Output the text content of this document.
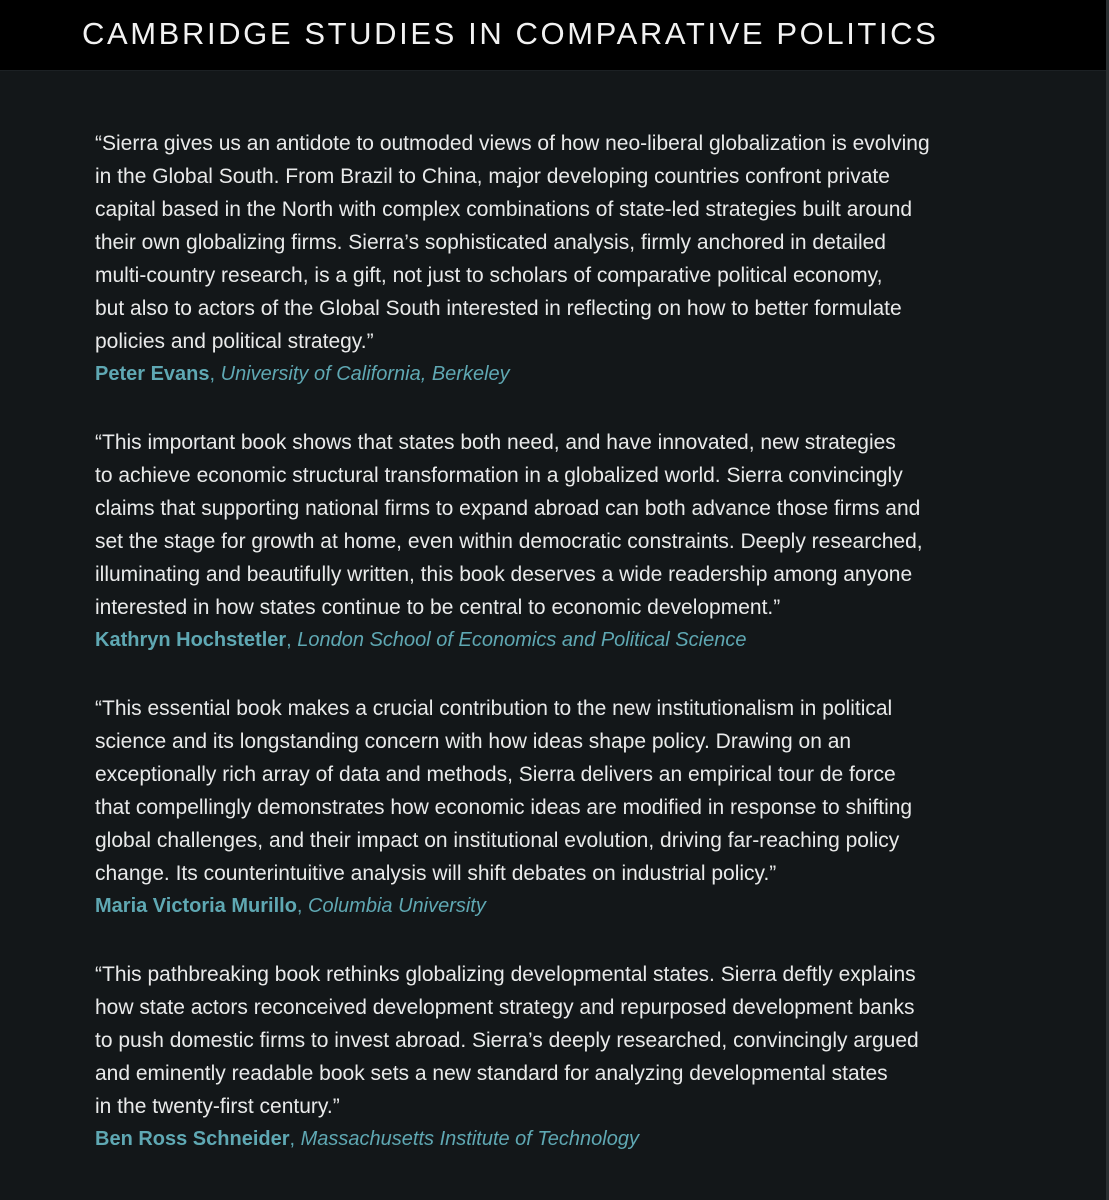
CAMBRIDGE STUDIES IN COMPARATIVE POLITICS

“Sierra gives us an antidote to outmoded views of how neo-liberal globalization is evolving
in the Global South. From Brazil to China, major developing countries confront private
capital based in the North with complex combinations of state-led strategies built around
their own globalizing firms. Sierra’s sophisticated analysis, firmly anchored in detailed
multi-country research, is a gift, not just to scholars of comparative political economy,
but also to actors of the Global South interested in reflecting on how to better formulate
policies and political strategy.”

Peter Evans, University of California, Berkeley

“This important book shows that states both need, and have innovated, new strategies
to achieve economic structural transformation in a globalized world. Sierra convincingly
claims that supporting national firms to expand abroad can both advance those firms and
set the stage for growth at home, even within democratic constraints. Deeply researched,
illuminating and beautifully written, this book deserves a wide readership among anyone
interested in how states continue to be central to economic development.”

Kathryn Hochstetler, London School of Economics and Political Science

“This essential book makes a crucial contribution to the new institutionalism in political
science and its longstanding concern with how ideas shape policy. Drawing on an
exceptionally rich array of data and methods, Sierra delivers an empirical tour de force
that compellingly demonstrates how economic ideas are modified in response to shifting
global challenges, and their impact on institutional evolution, driving far-reaching policy
change. Its counterintuitive analysis will shift debates on industrial policy.”

Maria Victoria Murillo, Columbia University

“This pathbreaking book rethinks globalizing developmental states. Sierra deftly explains
how state actors reconceived development strategy and repurposed development banks
to push domestic firms to invest abroad. Sierra’s deeply researched, convincingly argued
and eminently readable book sets a new standard for analyzing developmental states
in the twenty-first century.”

Ben Ross Schneider, Massachusetts Institute of Technology
